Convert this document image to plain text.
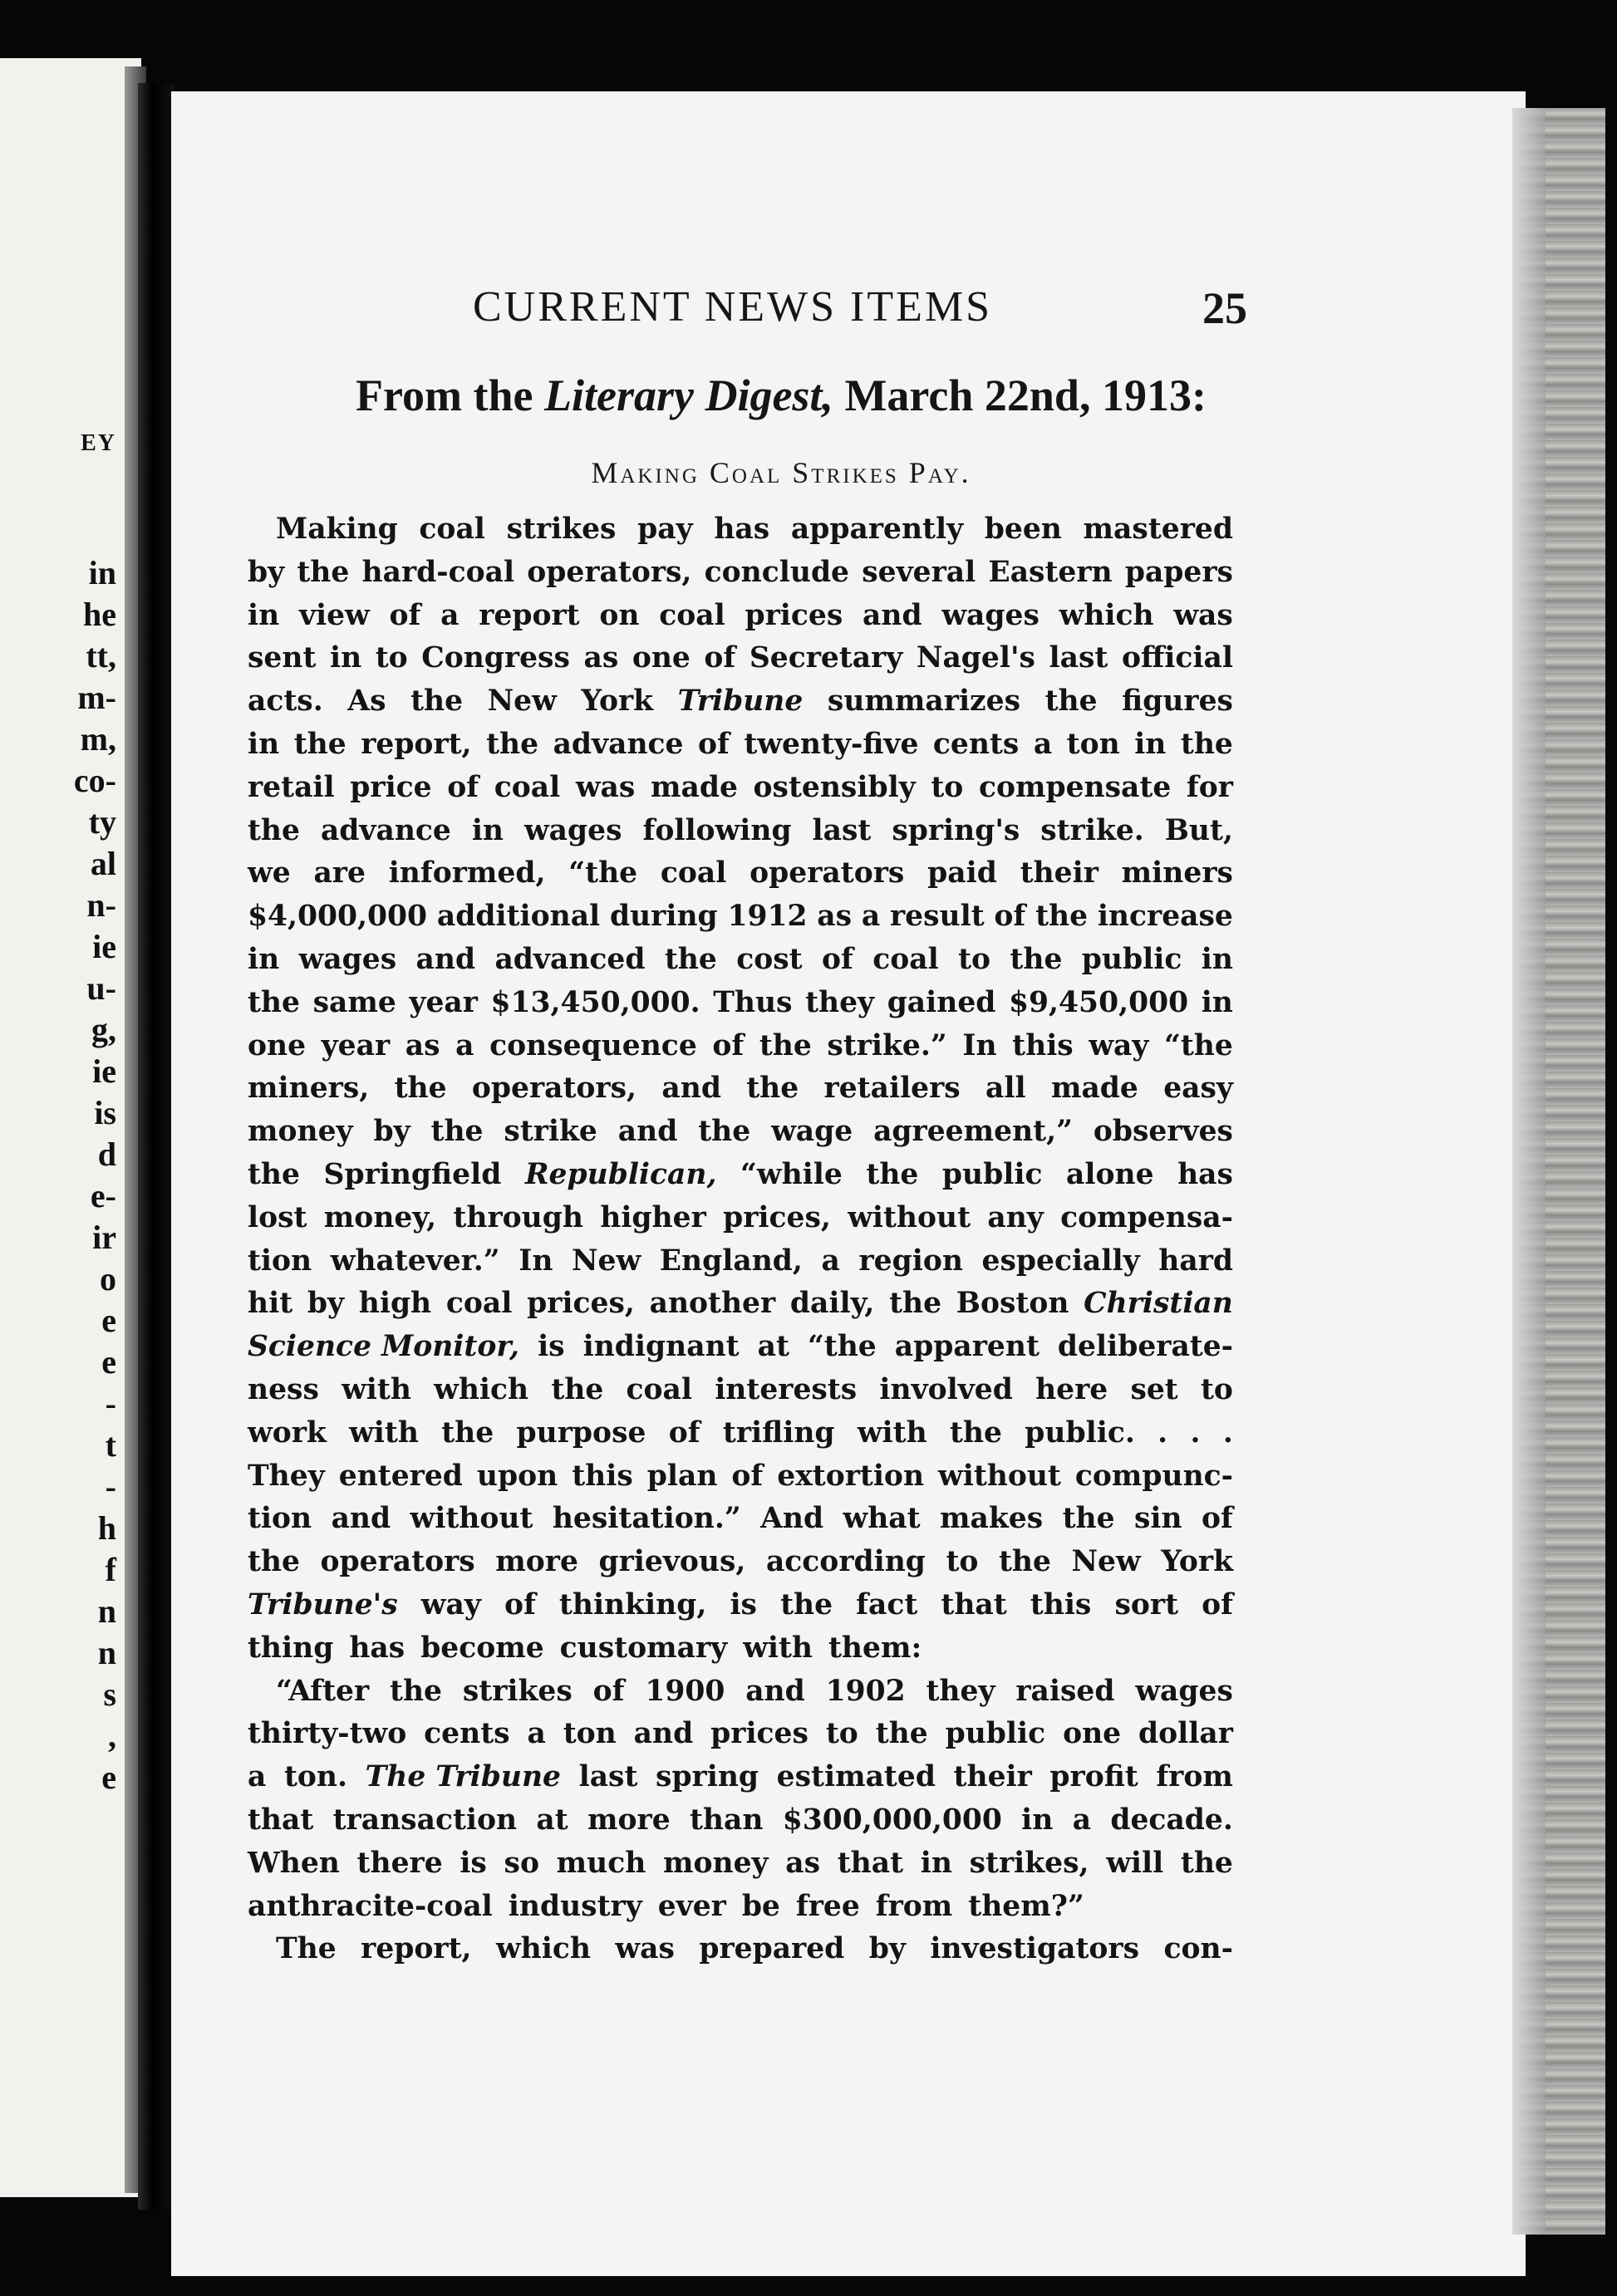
EY
in
he
tt,
m-
m,
co-
ty
al
n-
ie
u-
g,
ie
is
d
e-
ir
o
e
e
-
t
-
h
f
n
n
s
,
e
CURRENT NEWS ITEMS	25
From the Literary Digest, March 22nd, 1913:
Making Coal Strikes Pay.
Making coal strikes pay has apparently been mastered
by the hard-coal operators, conclude several Eastern papers
in view of a report on coal prices and wages which was
sent in to Congress as one of Secretary Nagel's last official
acts. As the New York Tribune summarizes the figures
in the report, the advance of twenty-five cents a ton in the
retail price of coal was made ostensibly to compensate for
the advance in wages following last spring's strike. But,
we are informed, “the coal operators paid their miners
$4,000,000 additional during 1912 as a result of the increase
in wages and advanced the cost of coal to the public in
the same year $13,450,000. Thus they gained $9,450,000 in
one year as a consequence of the strike.” In this way “the
miners, the operators, and the retailers all made easy
money by the strike and the wage agreement,” observes
the Springfield Republican, “while the public alone has
lost money, through higher prices, without any compensa-
tion whatever.” In New England, a region especially hard
hit by high coal prices, another daily, the Boston Christian
Science Monitor, is indignant at “the apparent deliberate-
ness with which the coal interests involved here set to
work with the purpose of trifling with the public. . . .
They entered upon this plan of extortion without compunc-
tion and without hesitation.” And what makes the sin of
the operators more grievous, according to the New York
Tribune's way of thinking, is the fact that this sort of
thing has become customary with them:
“After the strikes of 1900 and 1902 they raised wages
thirty-two cents a ton and prices to the public one dollar
a ton. The Tribune last spring estimated their profit from
that transaction at more than $300,000,000 in a decade.
When there is so much money as that in strikes, will the
anthracite-coal industry ever be free from them?”
The report, which was prepared by investigators con-
